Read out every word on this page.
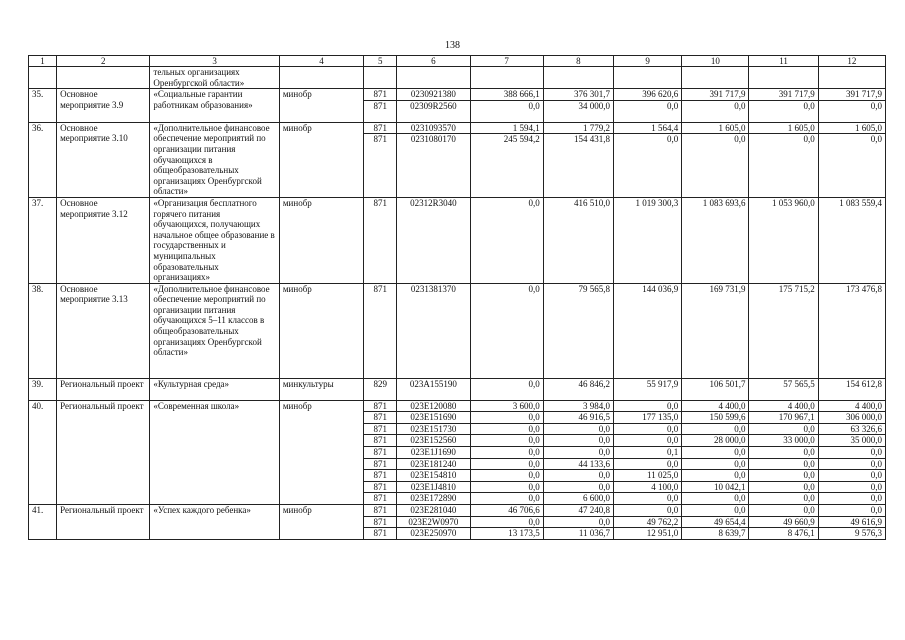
138
1	2	3	4	5	6	7	8	9	10	11	12
		тельных организациях Оренбургской области»									
35.	Основное мероприятие 3.9	«Социальные гарантии работникам образования»	минобр	871	0230921380	388 666,1	376 301,7	396 620,6	391 717,9	391 717,9	391 717,9
				871	02309R2560	0,0	34 000,0	0,0	0,0	0,0	0,0
36.	Основное мероприятие 3.10	«Дополнительное финансовое обеспечение мероприятий по организации питания обучающихся в общеобразовательных организациях Оренбургской области»	минобр	871	0231093570	1 594,1	1 779,2	1 564,4	1 605,0	1 605,0	1 605,0
				871	0231080170	245 594,2	154 431,8	0,0	0,0	0,0	0,0
37.	Основное мероприятие 3.12	«Организация бесплатного горячего питания обучающихся, получающих начальное общее образование в государственных и муниципальных образовательных организациях»	минобр	871	02312R3040	0,0	416 510,0	1 019 300,3	1 083 693,6	1 053 960,0	1 083 559,4
38.	Основное мероприятие 3.13	«Дополнительное финансовое обеспечение мероприятий по организации питания обучающихся 5–11 классов в общеобразовательных организациях Оренбургской области»	минобр	871	0231381370	0,0	79 565,8	144 036,9	169 731,9	175 715,2	173 476,8
39.	Региональный проект	«Культурная среда»	минкультуры	829	023A155190	0,0	46 846,2	55 917,9	106 501,7	57 565,5	154 612,8
40.	Региональный проект	«Современная школа»	минобр	871	023E120080	3 600,0	3 984,0	0,0	4 400,0	4 400,0	4 400,0
				871	023E151690	0,0	46 916,5	177 135,0	150 599,6	170 967,1	306 000,0
				871	023E151730	0,0	0,0	0,0	0,0	0,0	63 326,6
				871	023E152560	0,0	0,0	0,0	28 000,0	33 000,0	35 000,0
				871	023E1J1690	0,0	0,0	0,1	0,0	0,0	0,0
				871	023E181240	0,0	44 133,6	0,0	0,0	0,0	0,0
				871	023E154810	0,0	0,0	11 025,0	0,0	0,0	0,0
				871	023E1J4810	0,0	0,0	4 100,0	10 042,1	0,0	0,0
				871	023E172890	0,0	6 600,0	0,0	0,0	0,0	0,0
41.	Региональный проект	«Успех каждого ребенка»	минобр	871	023E281040	46 706,6	47 240,8	0,0	0,0	0,0	0,0
				871	023E2W0970	0,0	0,0	49 762,2	49 654,4	49 660,9	49 616,9
				871	023E250970	13 173,5	11 036,7	12 951,0	8 639,7	8 476,1	9 576,3
